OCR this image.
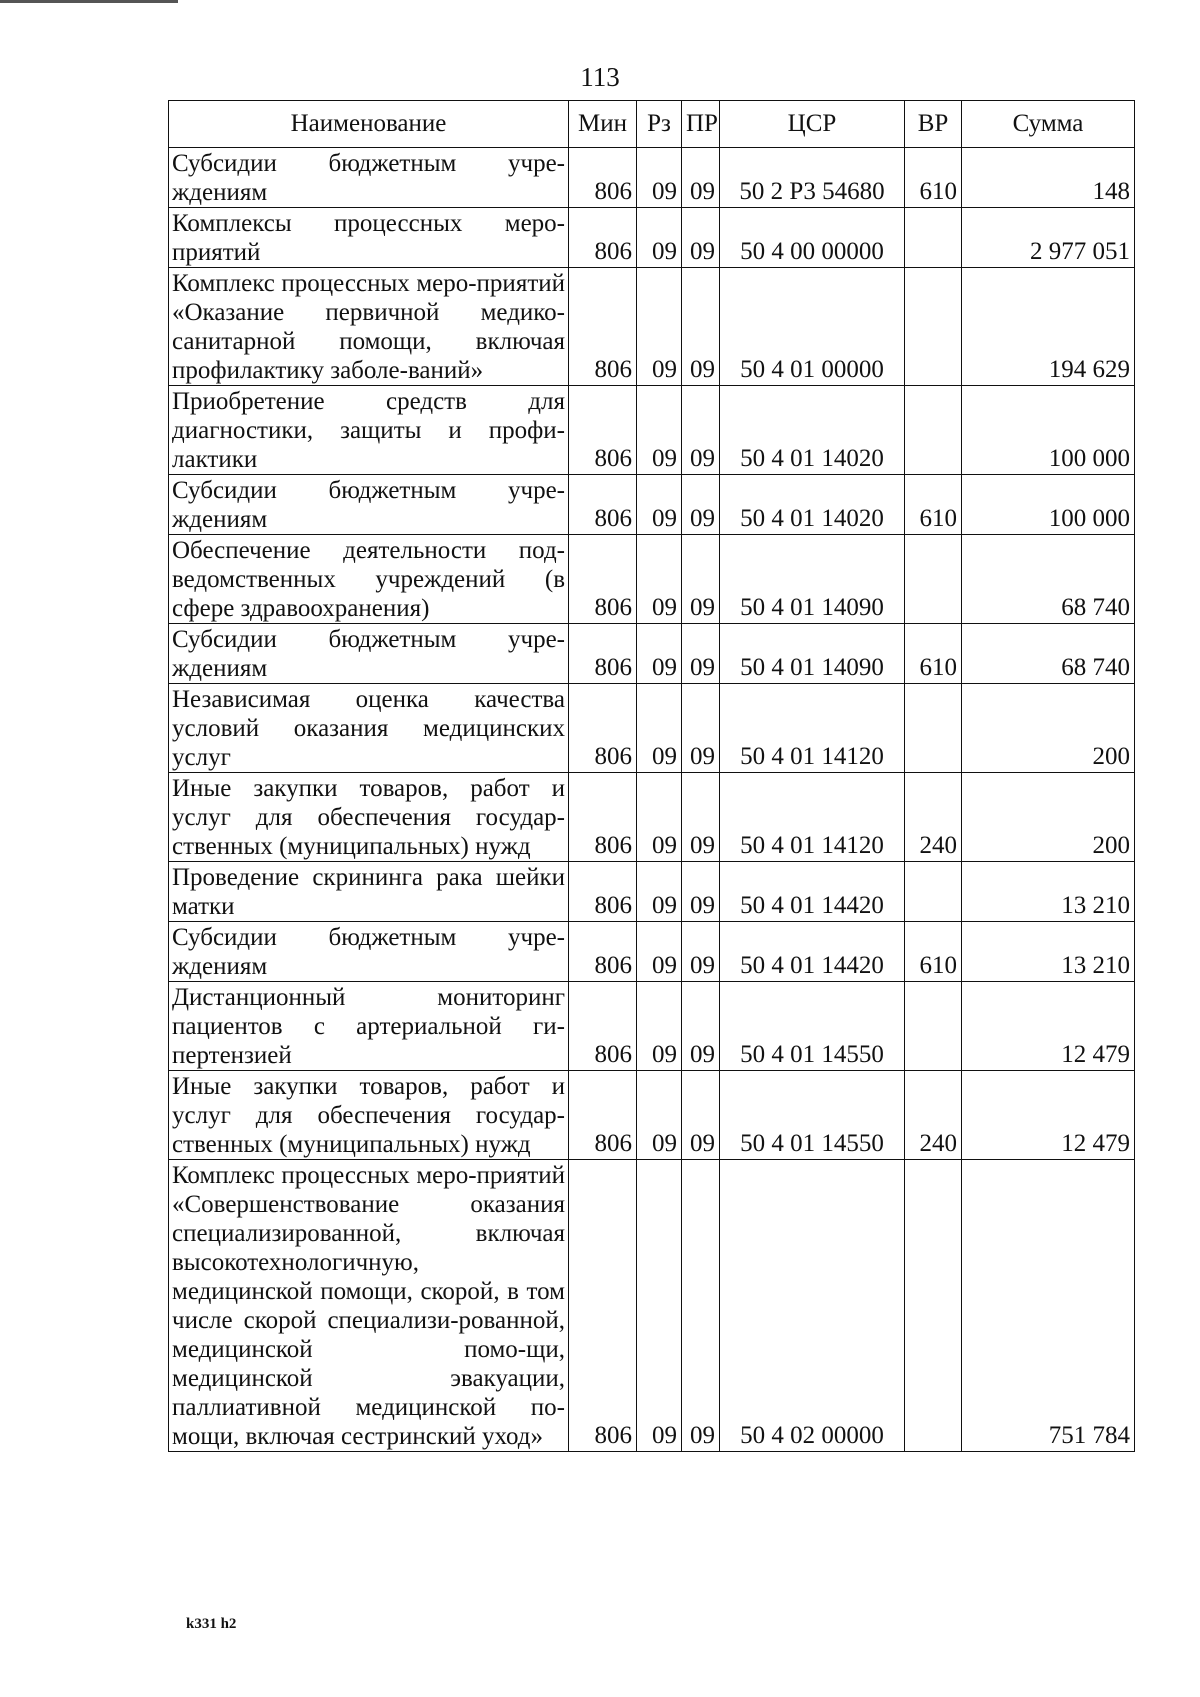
113
Наименование	Мин	Рз	ПР	ЦСР	ВР	Сумма
Субсидии бюджетным учре-ждениям	806	09	09	50 2 Р3 54680	610	148
Комплексы процессных меро-приятий	806	09	09	50 4 00 00000		2 977 051
Комплекс процессных меро-приятий «Оказание первичной медико-санитарной помощи, включая профилактику заболе-ваний»	806	09	09	50 4 01 00000		194 629
Приобретение средств для диагностики, защиты и профи-лактики	806	09	09	50 4 01 14020		100 000
Субсидии бюджетным учре-ждениям	806	09	09	50 4 01 14020	610	100 000
Обеспечение деятельности под-ведомственных учреждений (в сфере здравоохранения)	806	09	09	50 4 01 14090		68 740
Субсидии бюджетным учре-ждениям	806	09	09	50 4 01 14090	610	68 740
Независимая оценка качества условий оказания медицинских услуг	806	09	09	50 4 01 14120		200
Иные закупки товаров, работ и услуг для обеспечения государ-ственных (муниципальных) нужд	806	09	09	50 4 01 14120	240	200
Проведение скрининга рака шейки матки	806	09	09	50 4 01 14420		13 210
Субсидии бюджетным учре-ждениям	806	09	09	50 4 01 14420	610	13 210
Дистанционный мониторинг пациентов с артериальной ги-пертензией	806	09	09	50 4 01 14550		12 479
Иные закупки товаров, работ и услуг для обеспечения государ-ственных (муниципальных) нужд	806	09	09	50 4 01 14550	240	12 479
Комплекс процессных меро-приятий «Совершенствование оказания специализированной, включая высокотехнологичную, медицинской помощи, скорой, в том числе скорой специализи-рованной, медицинской помо-щи, медицинской эвакуации, паллиативной медицинской по-мощи, включая сестринский уход»	806	09	09	50 4 02 00000		751 784
k331 h2
